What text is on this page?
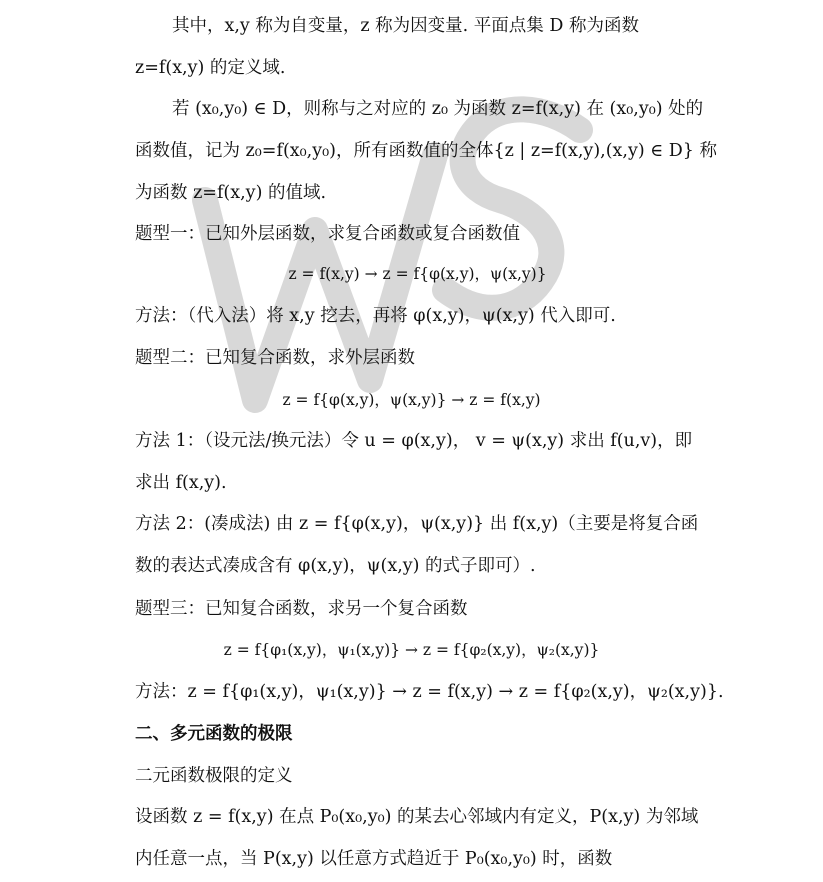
其中，x,y 称为自变量，z 称为因变量. 平面点集 D 称为函数
z=f(x,y) 的定义域.
若 (x₀,y₀) ∈ D，则称与之对应的 z₀ 为函数 z=f(x,y) 在 (x₀,y₀) 处的
函数值，记为 z₀=f(x₀,y₀)，所有函数值的全体{z | z=f(x,y),(x,y) ∈ D} 称
为函数 z=f(x,y) 的值域.
题型一：已知外层函数，求复合函数或复合函数值
z = f(x,y) → z = f{φ(x,y)，ψ(x,y)}
方法：（代入法）将 x,y 挖去，再将 φ(x,y)，ψ(x,y) 代入即可.
题型二：已知复合函数，求外层函数
z = f{φ(x,y)，ψ(x,y)} → z = f(x,y)
方法 1：（设元法/换元法）令 u = φ(x,y)， v = ψ(x,y) 求出 f(u,v)，即
求出 f(x,y).
方法 2：(凑成法) 由 z = f{φ(x,y)，ψ(x,y)} 出 f(x,y)（主要是将复合函
数的表达式凑成含有 φ(x,y)，ψ(x,y) 的式子即可）.
题型三：已知复合函数，求另一个复合函数
z = f{φ₁(x,y)，ψ₁(x,y)} → z = f{φ₂(x,y)，ψ₂(x,y)}
方法：z = f{φ₁(x,y)，ψ₁(x,y)} → z = f(x,y) → z = f{φ₂(x,y)，ψ₂(x,y)}.
二、多元函数的极限
二元函数极限的定义
设函数 z = f(x,y) 在点 P₀(x₀,y₀) 的某去心邻域内有定义，P(x,y) 为邻域
内任意一点，当 P(x,y) 以任意方式趋近于 P₀(x₀,y₀) 时，函数
